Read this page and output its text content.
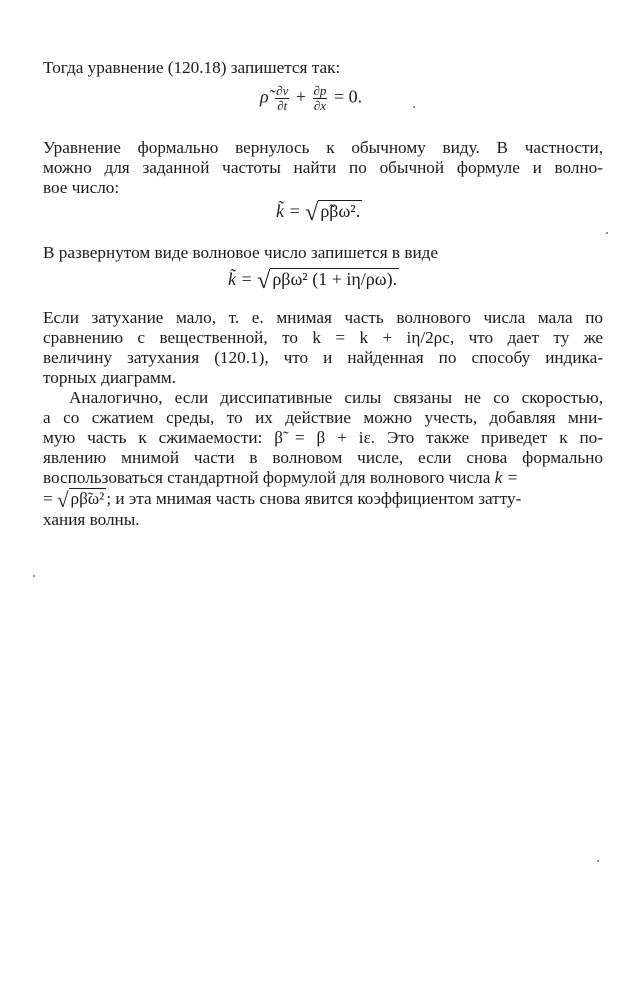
Тогда уравнение (120.18) запишется так:
ρ̃ $\frac{\partial v}{\partial t} + \frac{\partial p}{\partial x} = 0$.
Уравнение формально вернулось к обычному виду. В частности,
можно для заданной частоты найти по обычной формуле и волно-
вое число:
k̃ = √ ρ̃βω².
В развернутом виде волновое число запишется в виде
k̃ = √ ρβω² (1 + iη/ρω).
Если затухание мало, т. е. мнимая часть волнового числа мала по
сравнению с вещественной, то k = k + iη/2ρc, что дает ту же
величину затухания (120.1), что и найденная по способу индика-
торных диаграмм.
Аналогично, если диссипативные силы связаны не со скоростью,
а со сжатием среды, то их действие можно учесть, добавляя мни-
мую часть к сжимаемости: β̃ = β + iε. Это также приведет к по-
явлению мнимой части в волновом числе, если снова формально
воспользоваться стандартной формулой для волнового числа k =
= √ ρβ̃ω² ; и эта мнимая часть снова явится коэффициентом затту-
хания волны.
